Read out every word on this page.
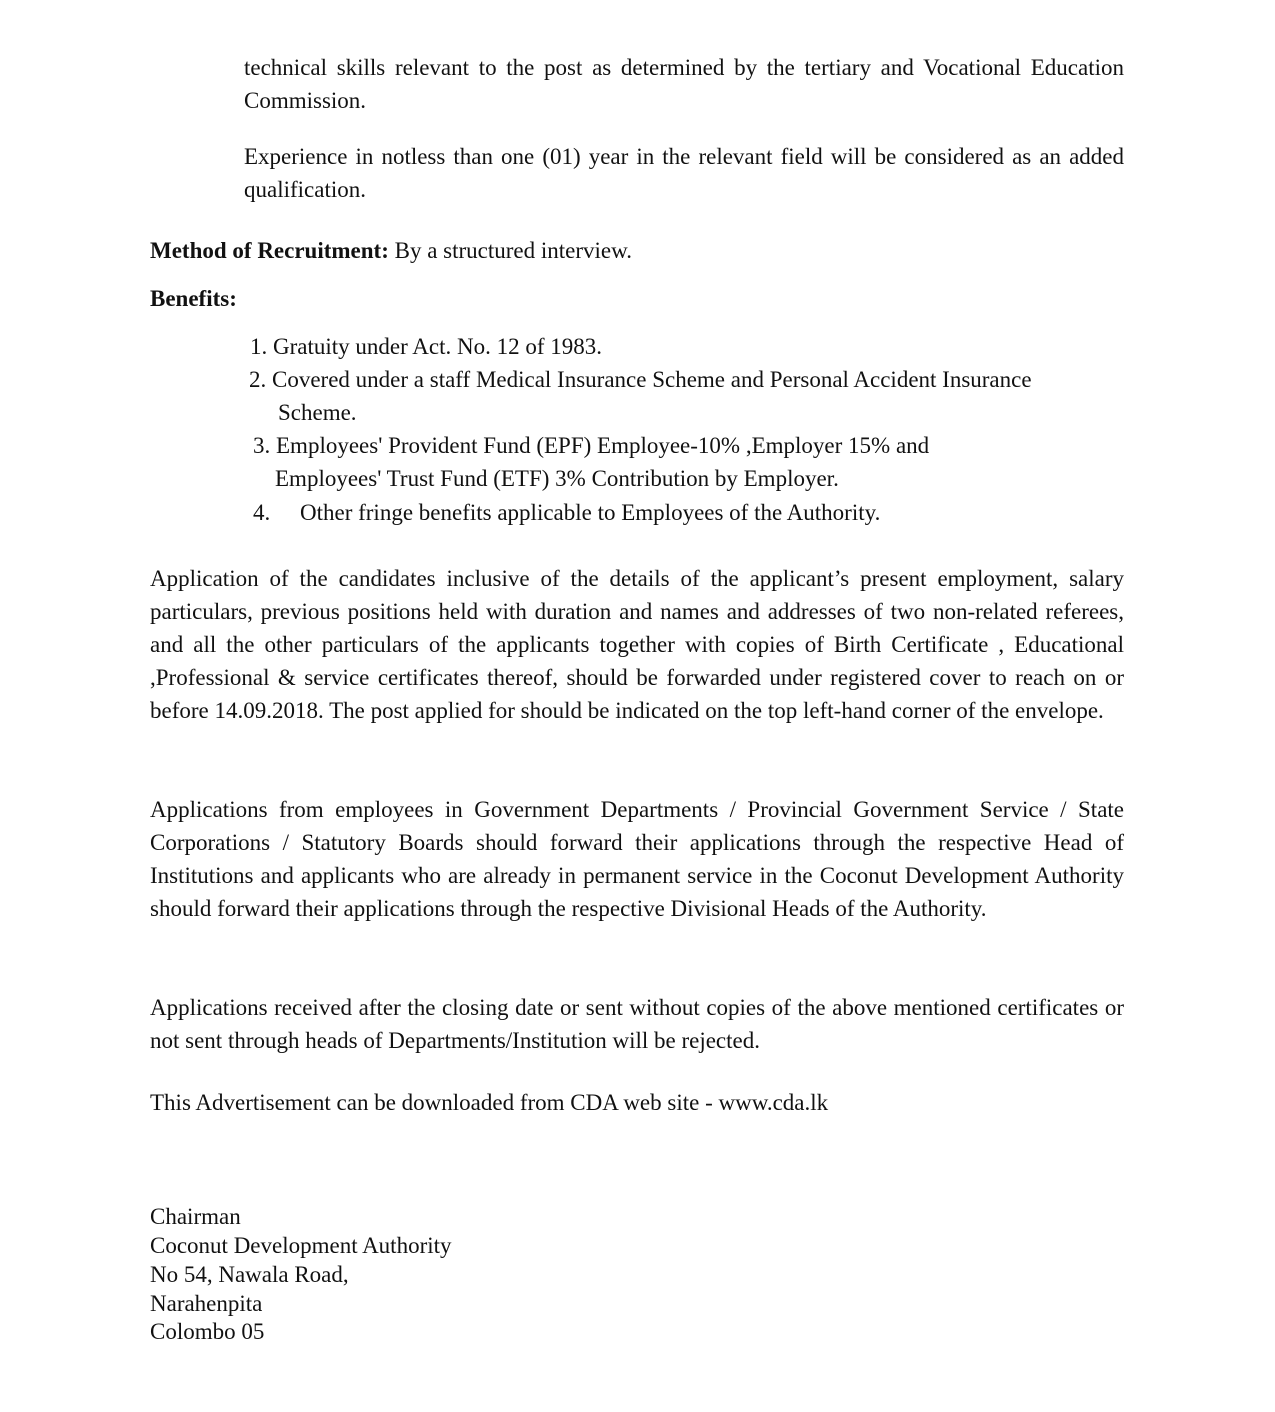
technical skills relevant to the post as determined by the tertiary and Vocational Education Commission.

Experience in notless than one (01) year in the relevant field will be considered as an added qualification.

Method of Recruitment: By a structured interview.

Benefits:

1. Gratuity under Act. No. 12 of 1983.
2. Covered under a staff Medical Insurance Scheme and Personal Accident Insurance
Scheme.
3. Employees' Provident Fund (EPF) Employee-10% ,Employer 15% and
Employees' Trust Fund (ETF) 3% Contribution by Employer.
4. Other fringe benefits applicable to Employees of the Authority.

Application of the candidates inclusive of the details of the applicant’s present employment, salary particulars, previous positions held with duration and names and addresses of two non-related referees, and all the other particulars of the applicants together with copies of Birth Certificate , Educational ,Professional & service certificates thereof, should be forwarded under registered cover to reach on or before 14.09.2018. The post applied for should be indicated on the top left-hand corner of the envelope.

Applications from employees in Government Departments / Provincial Government Service / State Corporations / Statutory Boards should forward their applications through the respective Head of Institutions and applicants who are already in permanent service in the Coconut Development Authority should forward their applications through the respective Divisional Heads of the Authority.

Applications received after the closing date or sent without copies of the above mentioned certificates or not sent through heads of Departments/Institution will be rejected.

This Advertisement can be downloaded from CDA web site - www.cda.lk

Chairman
Coconut Development Authority
No 54, Nawala Road,
Narahenpita
Colombo 05
